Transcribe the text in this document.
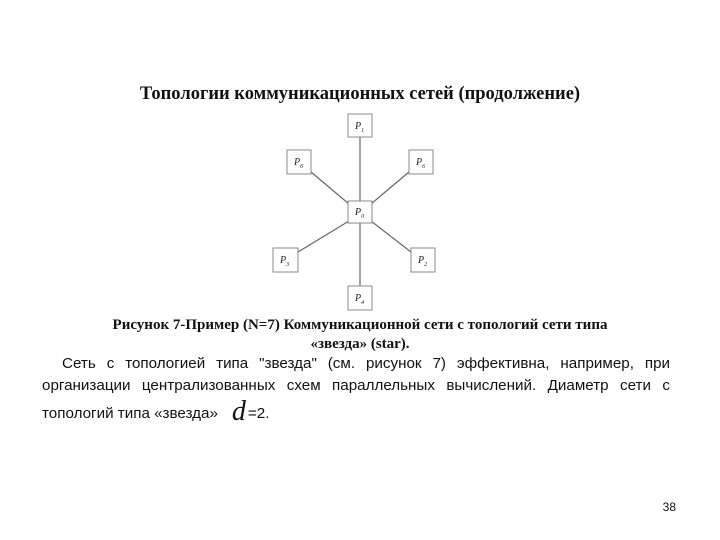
Топологии коммуникационных сетей (продолжение)
$P_1$
$P_6$	$P_6$
$P_0$
$P_3$	$P_2$
$P_4$
Рисунок 7-Пример (N=7) Коммуникационной сети с топологий сети типа
«звезда» (star).
Сеть с топологией типа "звезда" (см. рисунок 7) эффективна, например, при
организации централизованных схем параллельных вычислений. Диаметр сети с
топологий типа «звезда» d =2.
38
